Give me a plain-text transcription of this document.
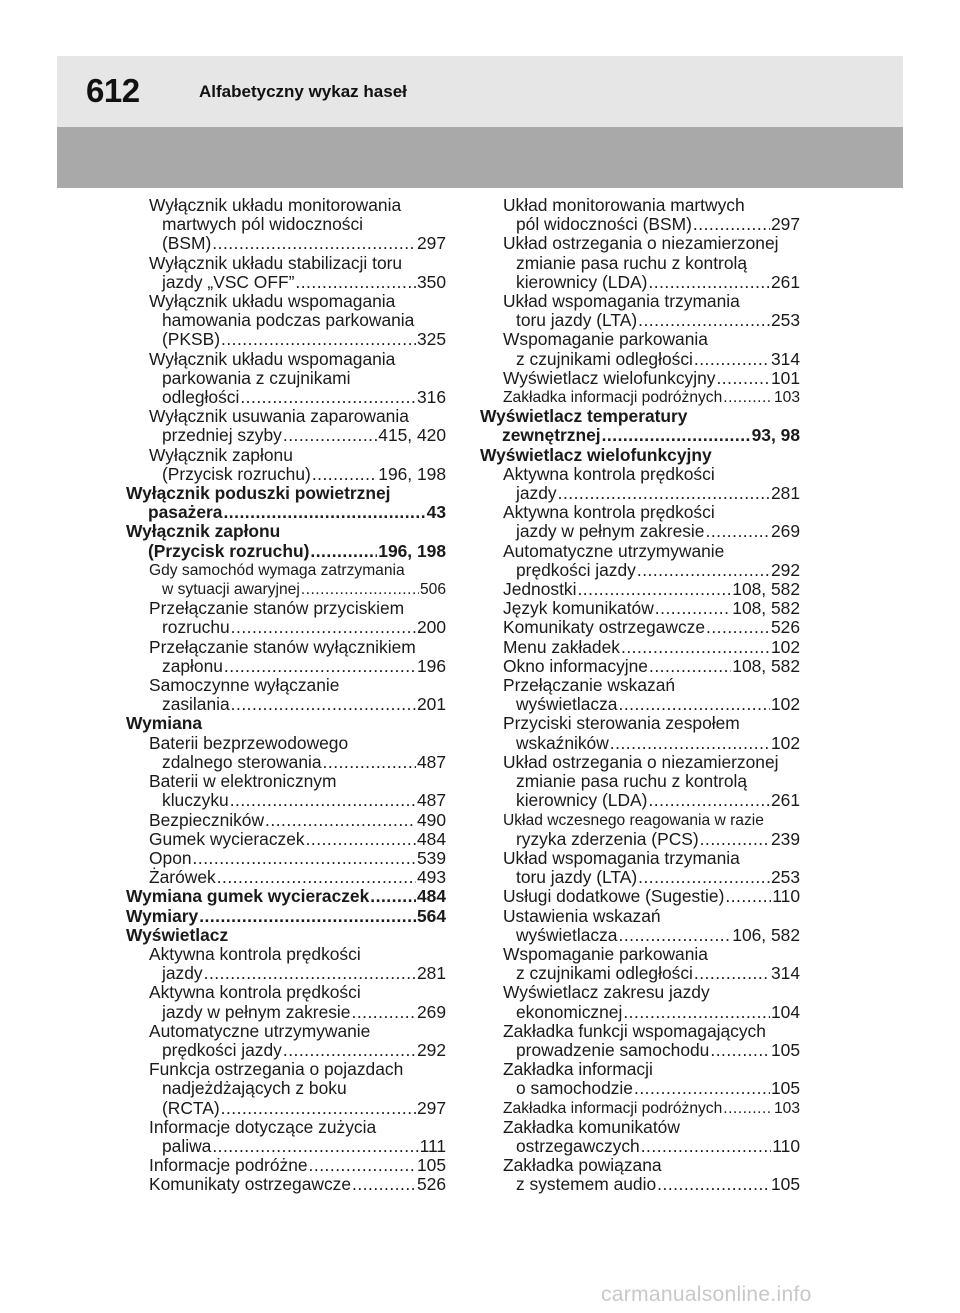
612	Alfabetyczny wykaz haseł
Wyłącznik układu monitorowania
martwych pól widoczności
(BSM) .....	297
Wyłącznik układu stabilizacji toru
jazdy „VSC OFF” .....	350
Wyłącznik układu wspomagania
hamowania podczas parkowania
(PKSB) .....	325
Wyłącznik układu wspomagania
parkowania z czujnikami
odległości .....	316
Wyłącznik usuwania zaparowania
przedniej szyby .....	415, 420
Wyłącznik zapłonu
(Przycisk rozruchu) .....	196, 198
Wyłącznik poduszki powietrznej
pasażera .....	43
Wyłącznik zapłonu
(Przycisk rozruchu) .....	196, 198
Gdy samochód wymaga zatrzymania
w sytuacji awaryjnej .....	506
Przełączanie stanów przyciskiem
rozruchu .....	200
Przełączanie stanów wyłącznikiem
zapłonu .....	196
Samoczynne wyłączanie
zasilania .....	201
Wymiana
Baterii bezprzewodowego
zdalnego sterowania .....	487
Baterii w elektronicznym
kluczyku .....	487
Bezpieczników .....	490
Gumek wycieraczek .....	484
Opon .....	539
Żarówek .....	493
Wymiana gumek wycieraczek .....	484
Wymiary .....	564
Wyświetlacz
Aktywna kontrola prędkości
jazdy .....	281
Aktywna kontrola prędkości
jazdy w pełnym zakresie .....	269
Automatyczne utrzymywanie
prędkości jazdy .....	292
Funkcja ostrzegania o pojazdach
nadjeżdżających z boku
(RCTA) .....	297
Informacje dotyczące zużycia
paliwa .....	111
Informacje podróżne .....	105
Komunikaty ostrzegawcze .....	526
Układ monitorowania martwych
pól widoczności (BSM) .....	297
Układ ostrzegania o niezamierzonej
zmianie pasa ruchu z kontrolą
kierownicy (LDA) .....	261
Układ wspomagania trzymania
toru jazdy (LTA) .....	253
Wspomaganie parkowania
z czujnikami odległości .....	314
Wyświetlacz wielofunkcyjny .....	101
Zakładka informacji podróżnych .....	103
Wyświetlacz temperatury
zewnętrznej .....	93, 98
Wyświetlacz wielofunkcyjny
Aktywna kontrola prędkości
jazdy .....	281
Aktywna kontrola prędkości
jazdy w pełnym zakresie .....	269
Automatyczne utrzymywanie
prędkości jazdy .....	292
Jednostki .....	108, 582
Język komunikatów .....	108, 582
Komunikaty ostrzegawcze .....	526
Menu zakładek .....	102
Okno informacyjne .....	108, 582
Przełączanie wskazań
wyświetlacza .....	102
Przyciski sterowania zespołem
wskaźników .....	102
Układ ostrzegania o niezamierzonej
zmianie pasa ruchu z kontrolą
kierownicy (LDA) .....	261
Układ wczesnego reagowania w razie
ryzyka zderzenia (PCS) .....	239
Układ wspomagania trzymania
toru jazdy (LTA) .....	253
Usługi dodatkowe (Sugestie) .....	110
Ustawienia wskazań
wyświetlacza .....	106, 582
Wspomaganie parkowania
z czujnikami odległości .....	314
Wyświetlacz zakresu jazdy
ekonomicznej .....	104
Zakładka funkcji wspomagających
prowadzenie samochodu .....	105
Zakładka informacji
o samochodzie .....	105
Zakładka informacji podróżnych .....	103
Zakładka komunikatów
ostrzegawczych .....	110
Zakładka powiązana
z systemem audio .....	105
carmanualsonline.info
